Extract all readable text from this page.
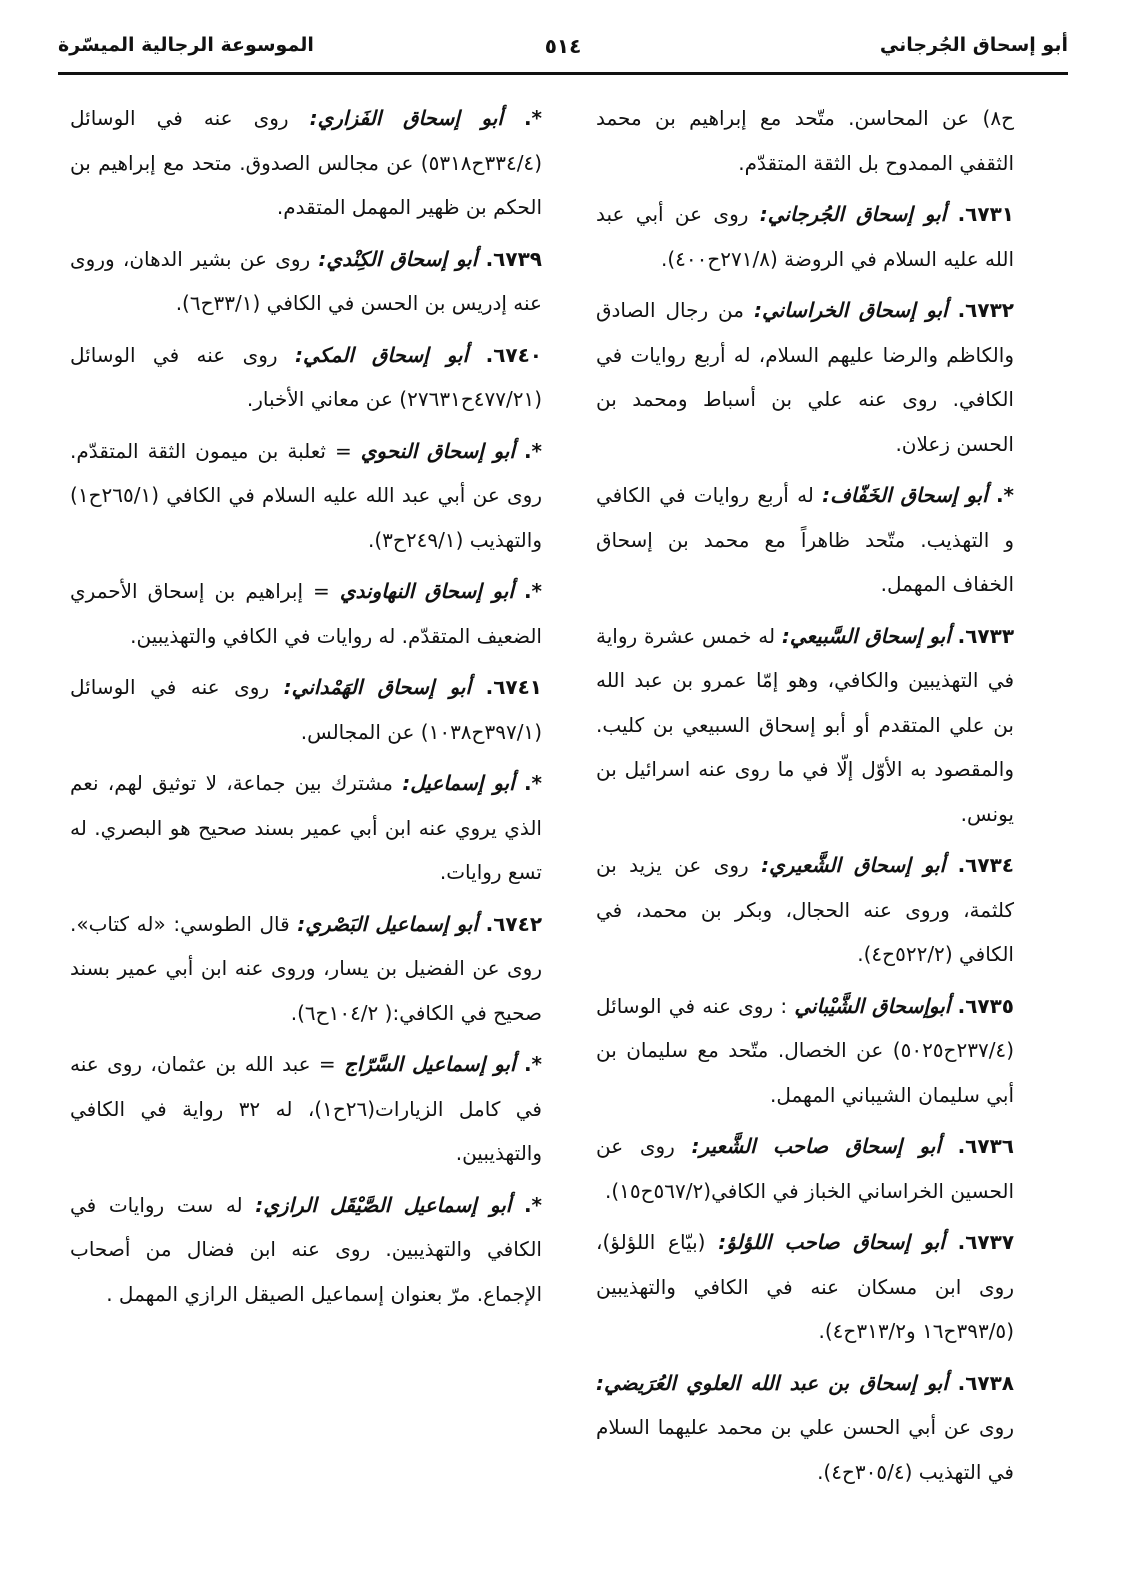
أبو إسحاق الجُرجاني
٥١٤
الموسوعة الرجالية الميسّرة

ح٨) عن المحاسن. متّحد مع إبراهيم بن محمد الثقفي الممدوح بل الثقة المتقدّم.

٦٧٣١. أبو إسحاق الجُرجاني: روى عن أبي عبد الله عليه السلام في الروضة (٢٧١/٨ح٤٠٠).

٦٧٣٢. أبو إسحاق الخراساني: من رجال الصادق والكاظم والرضا عليهم السلام، له أربع روايات في الكافي. روى عنه علي بن أسباط ومحمد بن الحسن زعلان.

*. أبو إسحاق الخَفّاف: له أربع روايات في الكافي و التهذيب. متّحد ظاهراً مع محمد بن إسحاق الخفاف المهمل.

٦٧٣٣. أبو إسحاق السَّبيعي: له خمس عشرة رواية في التهذيبين والكافي، وهو إمّا عمرو بن عبد الله بن علي المتقدم أو أبو إسحاق السبيعي بن كليب. والمقصود به الأوّل إلّا في ما روى عنه اسرائيل بن يونس.

٦٧٣٤. أبو إسحاق الشَّعيري: روى عن يزيد بن كلثمة، وروى عنه الحجال، وبكر بن محمد، في الكافي (٥٢٢/٢ح٤).

٦٧٣٥. أبوإسحاق الشَّيْباني : روى عنه في الوسائل (٢٣٧/٤ح٥٠٢٥) عن الخصال. متّحد مع سليمان بن أبي سليمان الشيباني المهمل.

٦٧٣٦. أبو إسحاق صاحب الشَّعير: روى عن الحسين الخراساني الخباز في الكافي(٥٦٧/٢ح١٥).

٦٧٣٧. أبو إسحاق صاحب اللؤلؤ: (بيّاع اللؤلؤ)، روى ابن مسكان عنه في الكافي والتهذيبين (٣٩٣/٥ح١٦ و٣١٣/٢ح٤).

٦٧٣٨. أبو إسحاق بن عبد الله العلوي العُرَيضي: روى عن أبي الحسن علي بن محمد عليهما السلام في التهذيب (٣٠٥/٤ح٤).

*. أبو إسحاق الفَزاري: روى عنه في الوسائل (٣٣٤/٤ح٥٣١٨) عن مجالس الصدوق. متحد مع إبراهيم بن الحكم بن ظهير المهمل المتقدم.

٦٧٣٩. أبو إسحاق الكِنْدي: روى عن بشير الدهان، وروى عنه إدريس بن الحسن في الكافي (٣٣/١ح٦).

٦٧٤٠. أبو إسحاق المكي: روى عنه في الوسائل (٤٧٧/٢١ح٢٧٦٣١) عن معاني الأخبار.

*. أبو إسحاق النحوي = ثعلبة بن ميمون الثقة المتقدّم. روى عن أبي عبد الله عليه السلام في الكافي (٢٦٥/١ح١) والتهذيب (٢٤٩/١ح٣).

*. أبو إسحاق النهاوندي = إبراهيم بن إسحاق الأحمري الضعيف المتقدّم. له روايات في الكافي والتهذيبين.

٦٧٤١. أبو إسحاق الهَمْداني: روى عنه في الوسائل (٣٩٧/١ح١٠٣٨) عن المجالس.

*. أبو إسماعيل: مشترك بين جماعة، لا توثيق لهم، نعم الذي يروي عنه ابن أبي عمير بسند صحيح هو البصري. له تسع روايات.

٦٧٤٢. أبو إسماعيل البَصْري: قال الطوسي: «له كتاب». روى عن الفضيل بن يسار، وروى عنه ابن أبي عمير بسند صحيح في الكافي:( ١٠٤/٢ح٦).

*. أبو إسماعيل السَّرّاج = عبد الله بن عثمان، روى عنه في كامل الزيارات(٢٦ح١)، له ٣٢ رواية في الكافي والتهذيبين.

*. أبو إسماعيل الصَّيْقَل الرازي: له ست روايات في الكافي والتهذيبين. روى عنه ابن فضال من أصحاب الإجماع. مرّ بعنوان إسماعيل الصيقل الرازي المهمل .
